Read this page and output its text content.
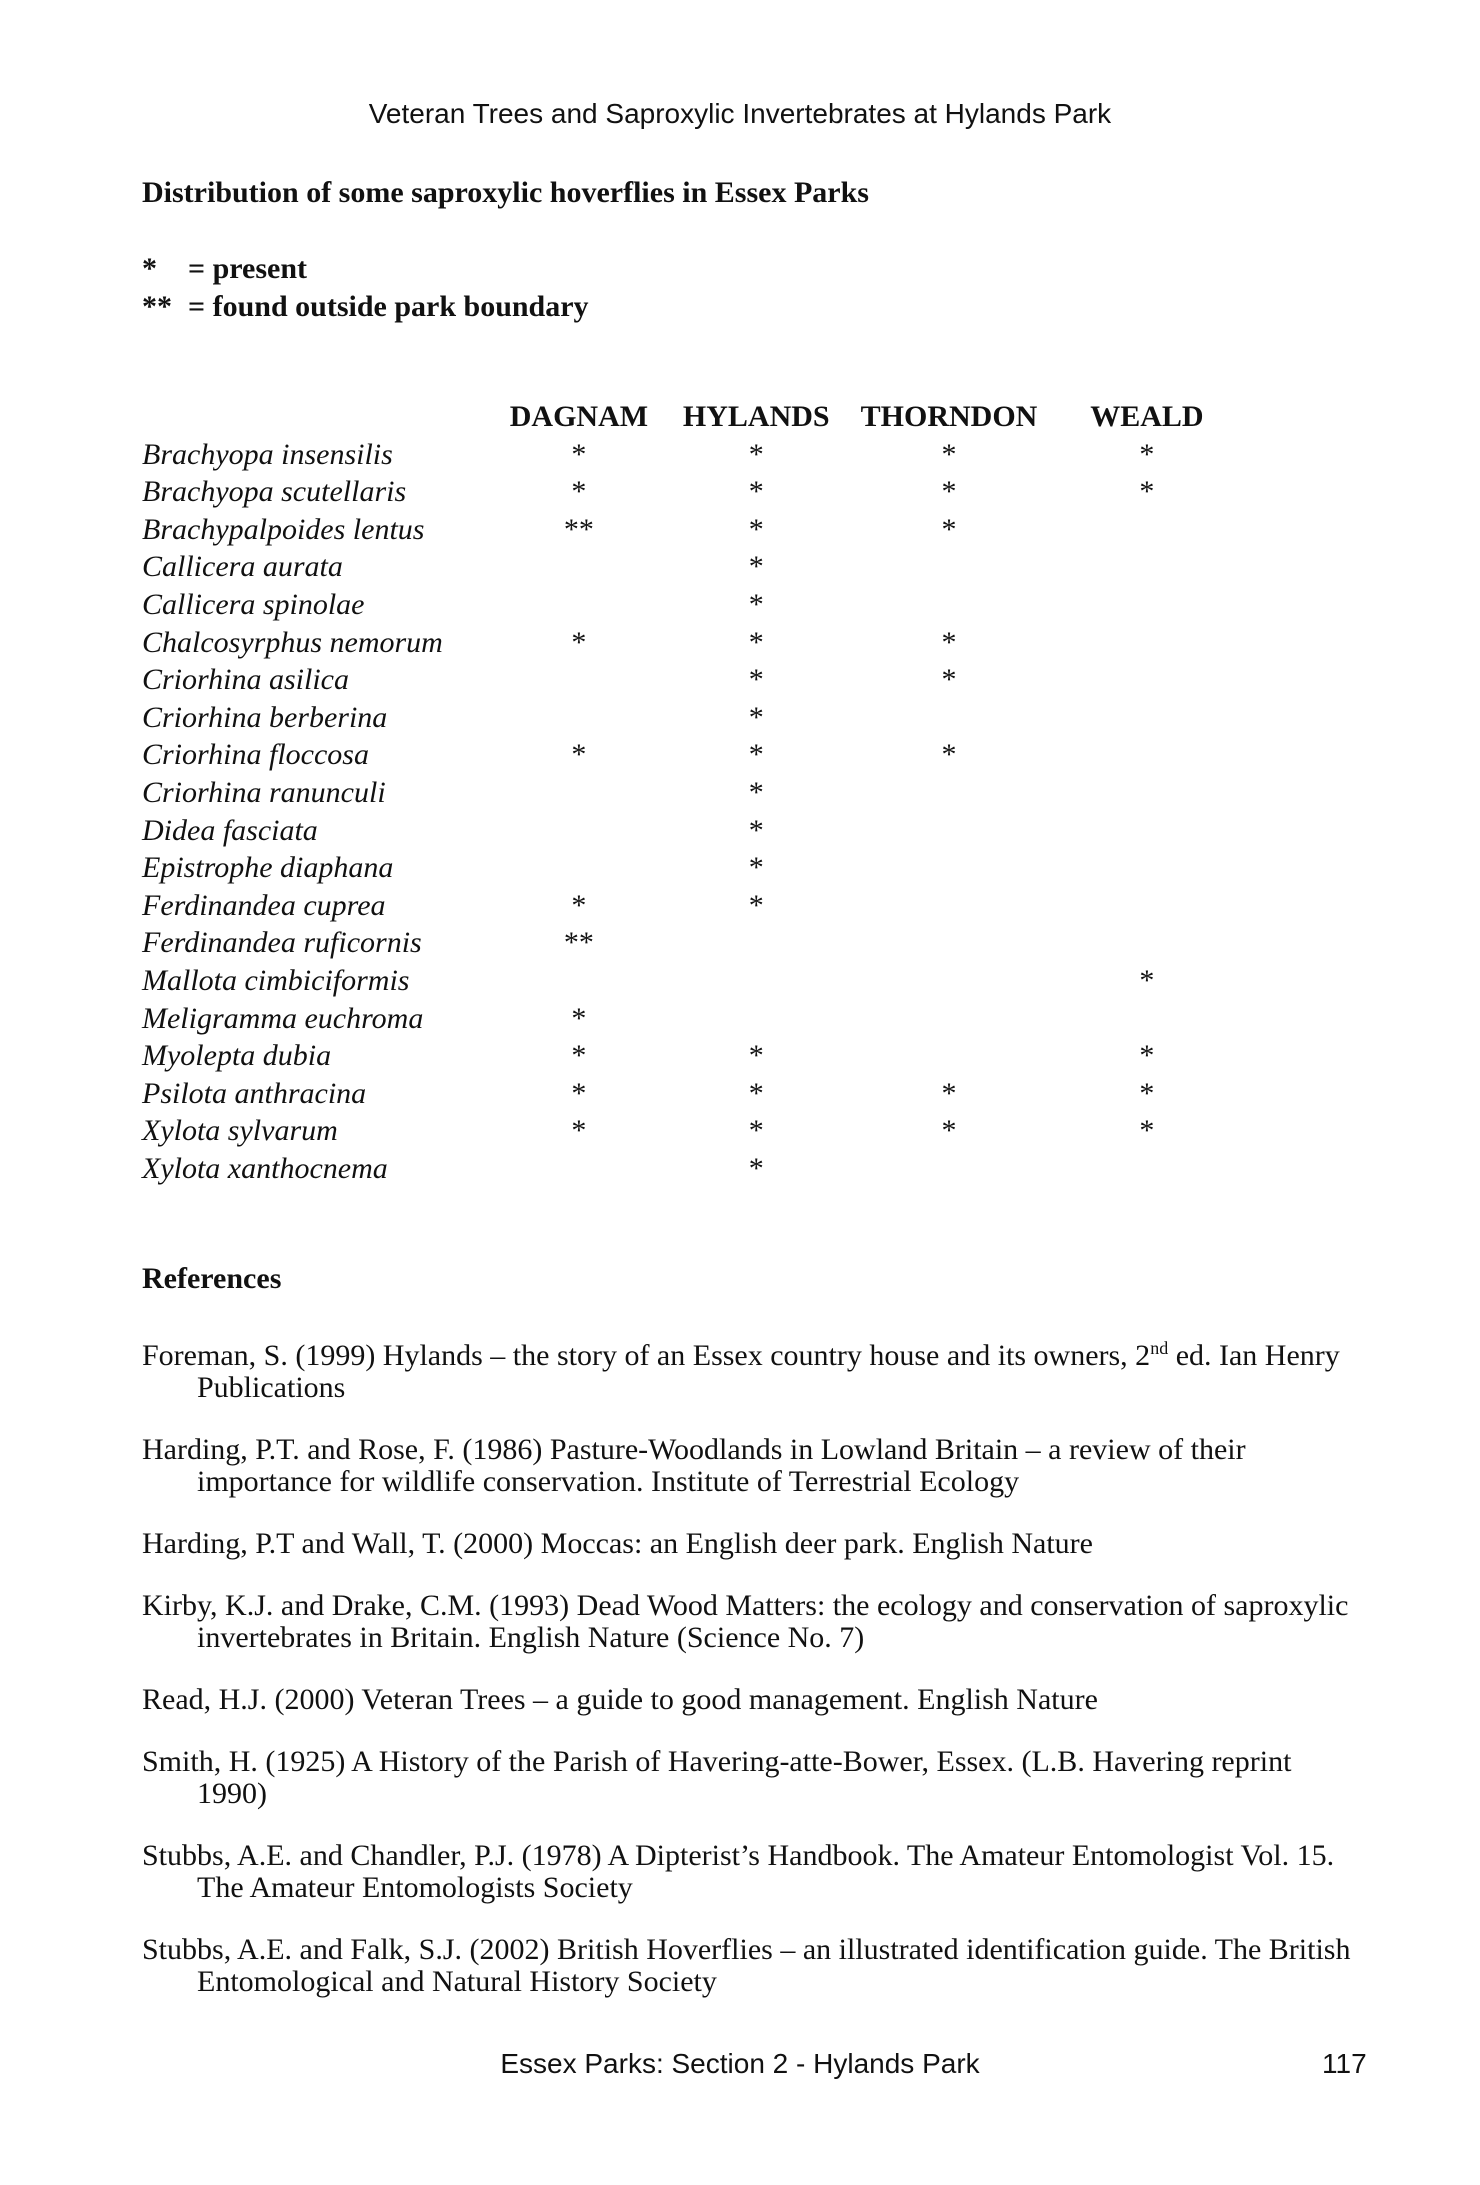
Veteran Trees and Saproxylic Invertebrates at Hylands Park
Distribution of some saproxylic hoverflies in Essex Parks
* = present
** = found outside park boundary
	DAGNAM	HYLANDS	THORNDON	WEALD
Brachyopa insensilis	*	*	*	*
Brachyopa scutellaris	*	*	*	*
Brachypalpoides lentus	**	*	*	
Callicera aurata		*		
Callicera spinolae		*		
Chalcosyrphus nemorum	*	*	*	
Criorhina asilica		*	*	
Criorhina berberina		*		
Criorhina floccosa	*	*	*	
Criorhina ranunculi		*		
Didea fasciata		*		
Epistrophe diaphana		*		
Ferdinandea cuprea	*	*		
Ferdinandea ruficornis	**			
Mallota cimbiciformis				*
Meligramma euchroma	*			
Myolepta dubia	*	*		*
Psilota anthracina	*	*	*	*
Xylota sylvarum	*	*	*	*
Xylota xanthocnema		*		
References

Foreman, S. (1999) Hylands – the story of an Essex country house and its owners, 2nd ed. Ian Henry Publications

Harding, P.T. and Rose, F. (1986) Pasture-Woodlands in Lowland Britain – a review of their importance for wildlife conservation. Institute of Terrestrial Ecology

Harding, P.T and Wall, T. (2000) Moccas: an English deer park. English Nature

Kirby, K.J. and Drake, C.M. (1993) Dead Wood Matters: the ecology and conservation of saproxylic invertebrates in Britain. English Nature (Science No. 7)

Read, H.J. (2000) Veteran Trees – a guide to good management. English Nature

Smith, H. (1925) A History of the Parish of Havering-atte-Bower, Essex. (L.B. Havering reprint 1990)

Stubbs, A.E. and Chandler, P.J. (1978) A Dipterist’s Handbook. The Amateur Entomologist Vol. 15. The Amateur Entomologists Society

Stubbs, A.E. and Falk, S.J. (2002) British Hoverflies – an illustrated identification guide. The British Entomological and Natural History Society

Essex Parks: Section 2 - Hylands Park	117
